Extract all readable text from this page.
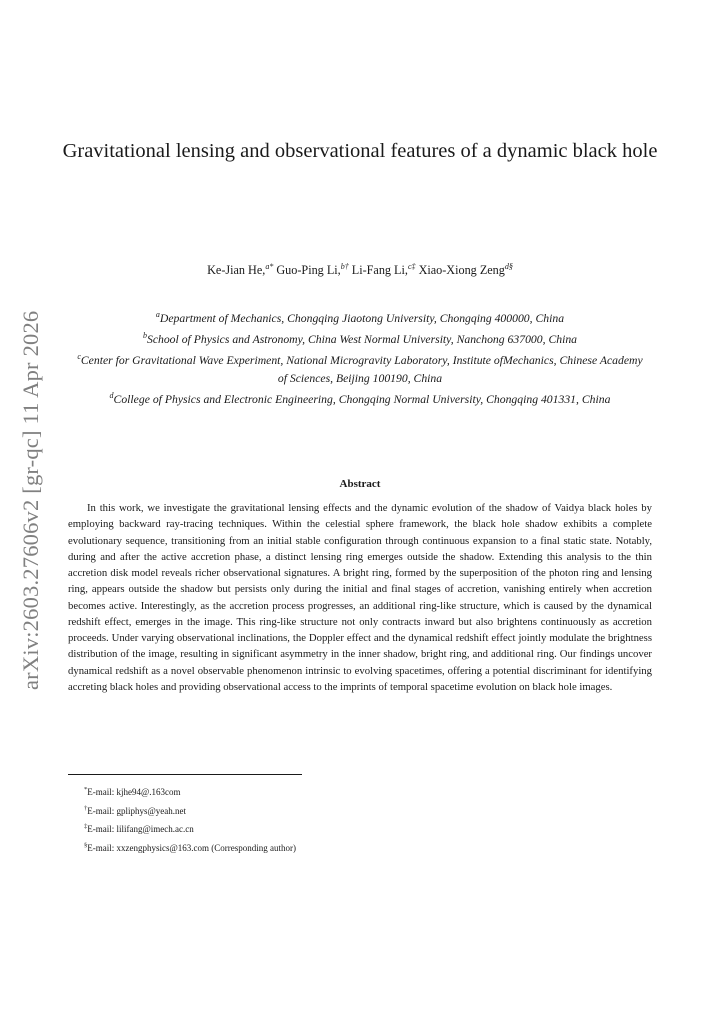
arXiv:2603.27606v2 [gr-qc] 11 Apr 2026
Gravitational lensing and observational features of a dynamic black hole
Ke-Jian He,$^{a*}$ Guo-Ping Li,$^{b\dagger}$ Li-Fang Li,$^{c\ddagger}$ Xiao-Xiong Zeng$^{d\S}$
$^a$Department of Mechanics, Chongqing Jiaotong University, Chongqing 400000, China
$^b$School of Physics and Astronomy, China West Normal University, Nanchong 637000, China
$^c$Center for Gravitational Wave Experiment, National Microgravity Laboratory, Institute ofMechanics, Chinese Academy of Sciences, Beijing 100190, China
$^d$College of Physics and Electronic Engineering, Chongqing Normal University, Chongqing 401331, China
Abstract

In this work, we investigate the gravitational lensing effects and the dynamic evolution of the shadow of Vaidya black holes by employing backward ray-tracing techniques. Within the celestial sphere framework, the black hole shadow exhibits a complete evolutionary sequence, transitioning from an initial stable configuration through continuous expansion to a final static state. Notably, during and after the active accretion phase, a distinct lensing ring emerges outside the shadow. Extending this analysis to the thin accretion disk model reveals richer observational signatures. A bright ring, formed by the superposition of the photon ring and lensing ring, appears outside the shadow but persists only during the initial and final stages of accretion, vanishing entirely when accretion becomes active. Interestingly, as the accretion process progresses, an additional ring-like structure, which is caused by the dynamical redshift effect, emerges in the image. This ring-like structure not only contracts inward but also brightens continuously as accretion proceeds. Under varying observational inclinations, the Doppler effect and the dynamical redshift effect jointly modulate the brightness distribution of the image, resulting in significant asymmetry in the inner shadow, bright ring, and additional ring. Our findings uncover dynamical redshift as a novel observable phenomenon intrinsic to evolving spacetimes, offering a potential discriminant for identifying accreting black holes and providing observational access to the imprints of temporal spacetime evolution on black hole images.

*E-mail: kjhe94@.163com
†E-mail: gpliphys@yeah.net
‡E-mail: lilifang@imech.ac.cn
§E-mail: xxzengphysics@163.com (Corresponding author)
